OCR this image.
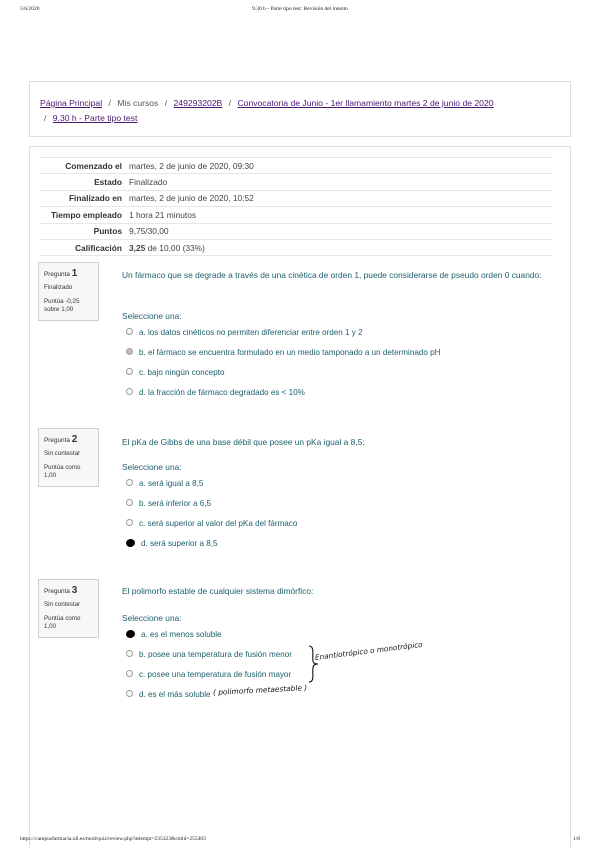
5/6/2020	9.30 h - Parte tipo test: Revisión del intento
Página Principal / Mis cursos / 249293202B / Convocatoria de Junio - 1er llamamiento martes 2 de junio de 2020
/ 9.30 h - Parte tipo test
Comenzado el	martes, 2 de junio de 2020, 09:30
Estado	Finalizado
Finalizado en	martes, 2 de junio de 2020, 10:52
Tiempo empleado	1 hora 21 minutos
Puntos	9,75/30,00
Calificación	3,25 de 10,00 (33%)
Pregunta 1
Finalizado
Puntúa -0,25 sobre 1,00
Un fármaco que se degrade a través de una cinética de orden 1, puede considerarse de pseudo orden 0 cuando:
Seleccione una:
a. los datos cinéticos no permiten diferenciar entre orden 1 y 2
b. el fármaco se encuentra formulado en un medio tamponado a un determinado pH
c. bajo ningún concepto
d. la fracción de fármaco degradado es < 10%
Pregunta 2
Sin contestar
Puntúa como 1,00
El pKa de Gibbs de una base débil que posee un pKa igual a 8,5:
Seleccione una:
a. será igual a 8,5
b. será inferior a 6,5
c. será superior al valor del pKa del fármaco
d. será superior a 8,5
Pregunta 3
Sin contestar
Puntúa como 1,00
El polimorfo estable de cualquier sistema dimórfico:
Seleccione una:
a. es el menos soluble
b. posee una temperatura de fusión menor
c. posee una temperatura de fusión mayor
d. es el más soluble
Enantiotrópico o monotrópico
( polimorfo metaestable )
https://campusfarmacia.ull.es/mod/quiz/review.php?attempt=235323&cmid=255403	1/8
